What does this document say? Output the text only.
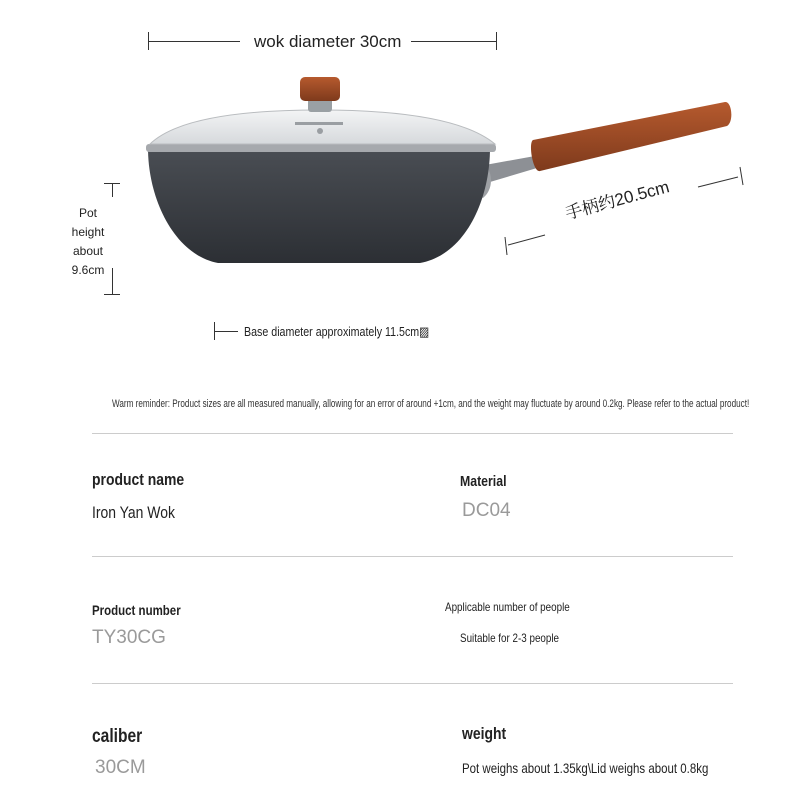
wok diameter 30cm
手柄约20.5cm
Pot
height
about
9.6cm
Base diameter approximately 11.5cm▨
Warm reminder: Product sizes are all measured manually, allowing for an error of around +1cm, and the weight may fluctuate by around 0.2kg. Please refer to the actual product!
product name
Iron Yan Wok
Material
DC04
Product number
TY30CG
Applicable number of people
Suitable for 2-3 people
caliber
30CM
weight
Pot weighs about 1.35kg\Lid weighs about 0.8kg
